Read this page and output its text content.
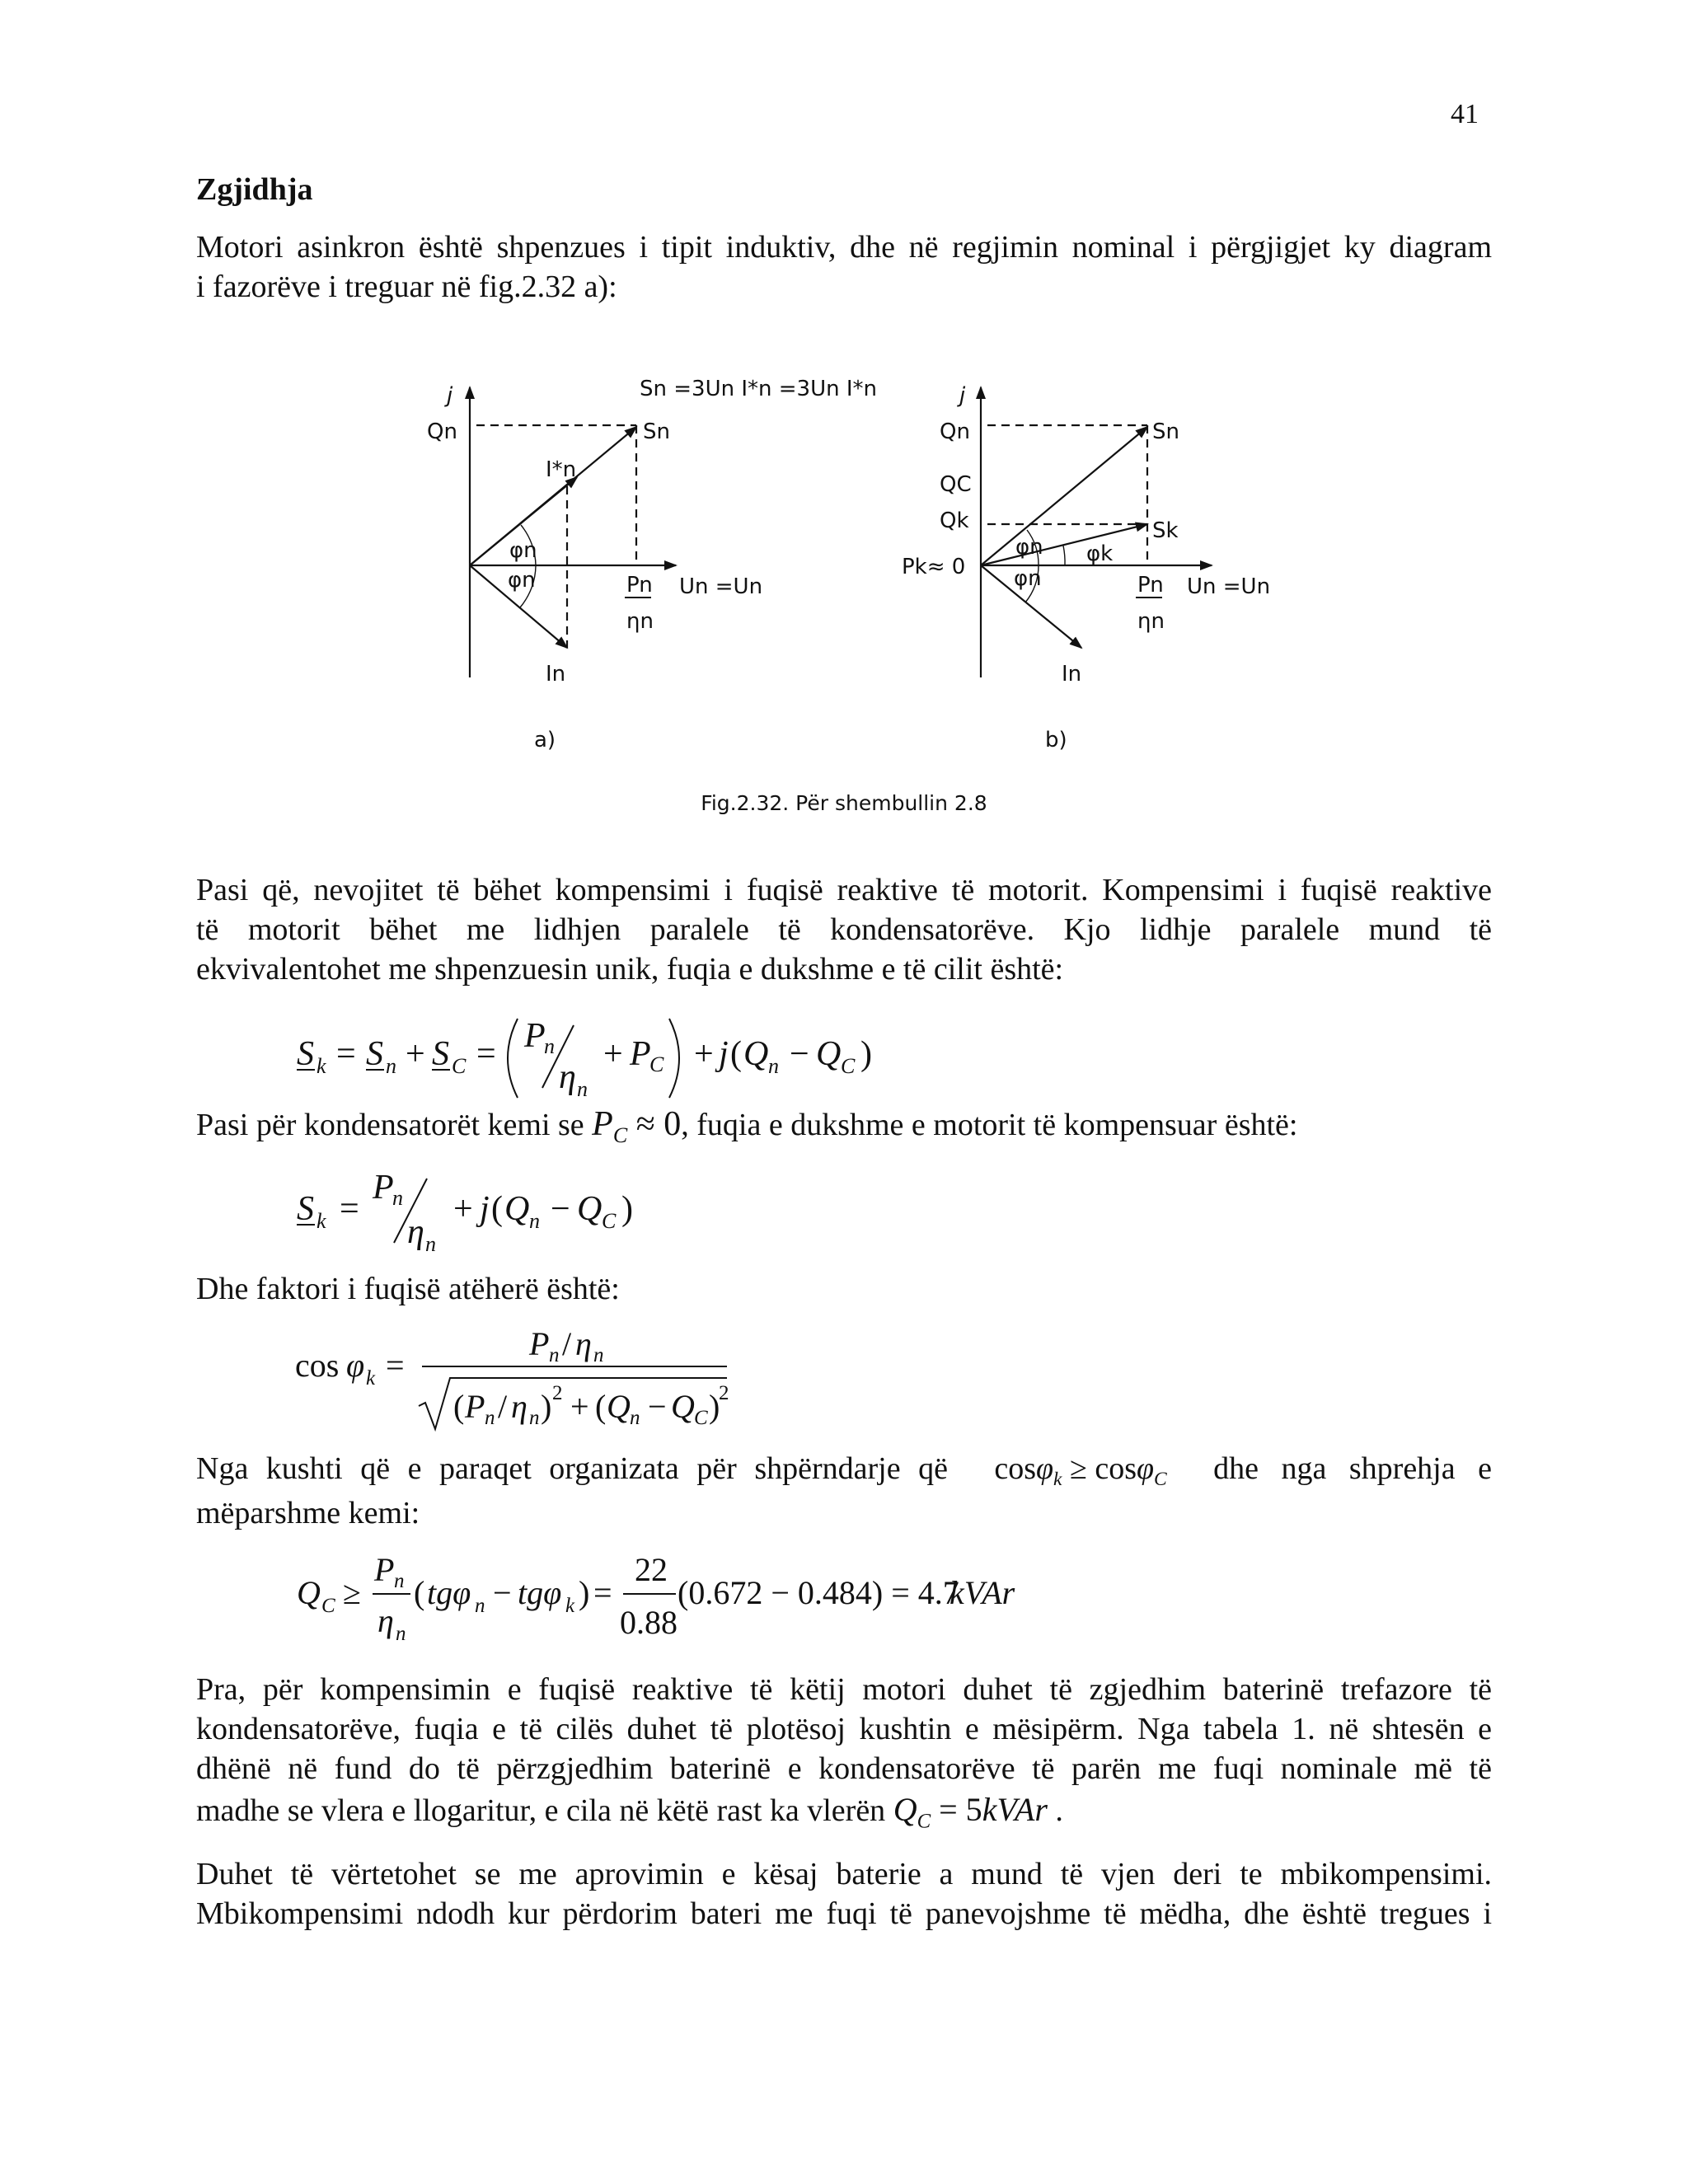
41
Zgjidhja

Motori asinkron është shpenzues i tipit induktiv, dhe në regjimin nominal i përgjigjet ky diagram

i fazorëve i treguar në fig.2.32 a):

j
Qn
Sn =3Un I*n =3Un I*n
Sn
I*n
φn
φn	Pn
ηn
Un =Un
In
a)
j
Qn
QC
Qk
Pk≈ 0
Sn
Sk
φn
φn
φk
Pn
ηn
Un =Un
In
b)
Fig.2.32. Për shembullin 2.8

Pasi që, nevojitet të bëhet kompensimi i fuqisë reaktive të motorit. Kompensimi i fuqisë reaktive

të motorit bëhet me lidhjen paralele të kondensatorëve. Kjo lidhje paralele mund të

ekvivalentohet me shpenzuesin unik, fuqia e dukshme e të cilit është:

S k = S n + S C = P
n
η n
+ P
C + j ( Q n − Q C )
Pasi për kondensatorët kemi se $P_C \approx 0$, fuqia e dukshme e motorit të kompensuar është:
S k =
P
n
η n
+ j ( Q n − Q C )

Dhe faktori i fuqisë atëherë është:

cos φ k =
P n / η n
( P n / η n ) 2 + ( Q n − Q C )
2
Nga kushti që e paraqet organizata për shpërndarje që cosφ$_k$ ≥ cosφ$_C$ dhe nga shprehja e

mëparshme kemi:

Q C ≥
P n
η n
( tgφ n − tgφ k ) =
22
0.88
(0.672 − 0.484) = 4.7
kVAr

Pra, për kompensimin e fuqisë reaktive të këtij motori duhet të zgjedhim baterinë trefazore të

kondensatorëve, fuqia e të cilës duhet të plotësoj kushtin e mësipërm. Nga tabela 1. në shtesën e

dhënë në fund do të përzgjedhim baterinë e kondensatorëve të parën me fuqi nominale më të

madhe se vlera e llogaritur, e cila në këtë rast ka vlerën $Q_C$ = 5kVAr .

Duhet të vërtetohet se me aprovimin e kësaj baterie a mund të vjen deri te mbikompensimi.

Mbikompensimi ndodh kur përdorim bateri me fuqi të panevojshme të mëdha, dhe është tregues i
